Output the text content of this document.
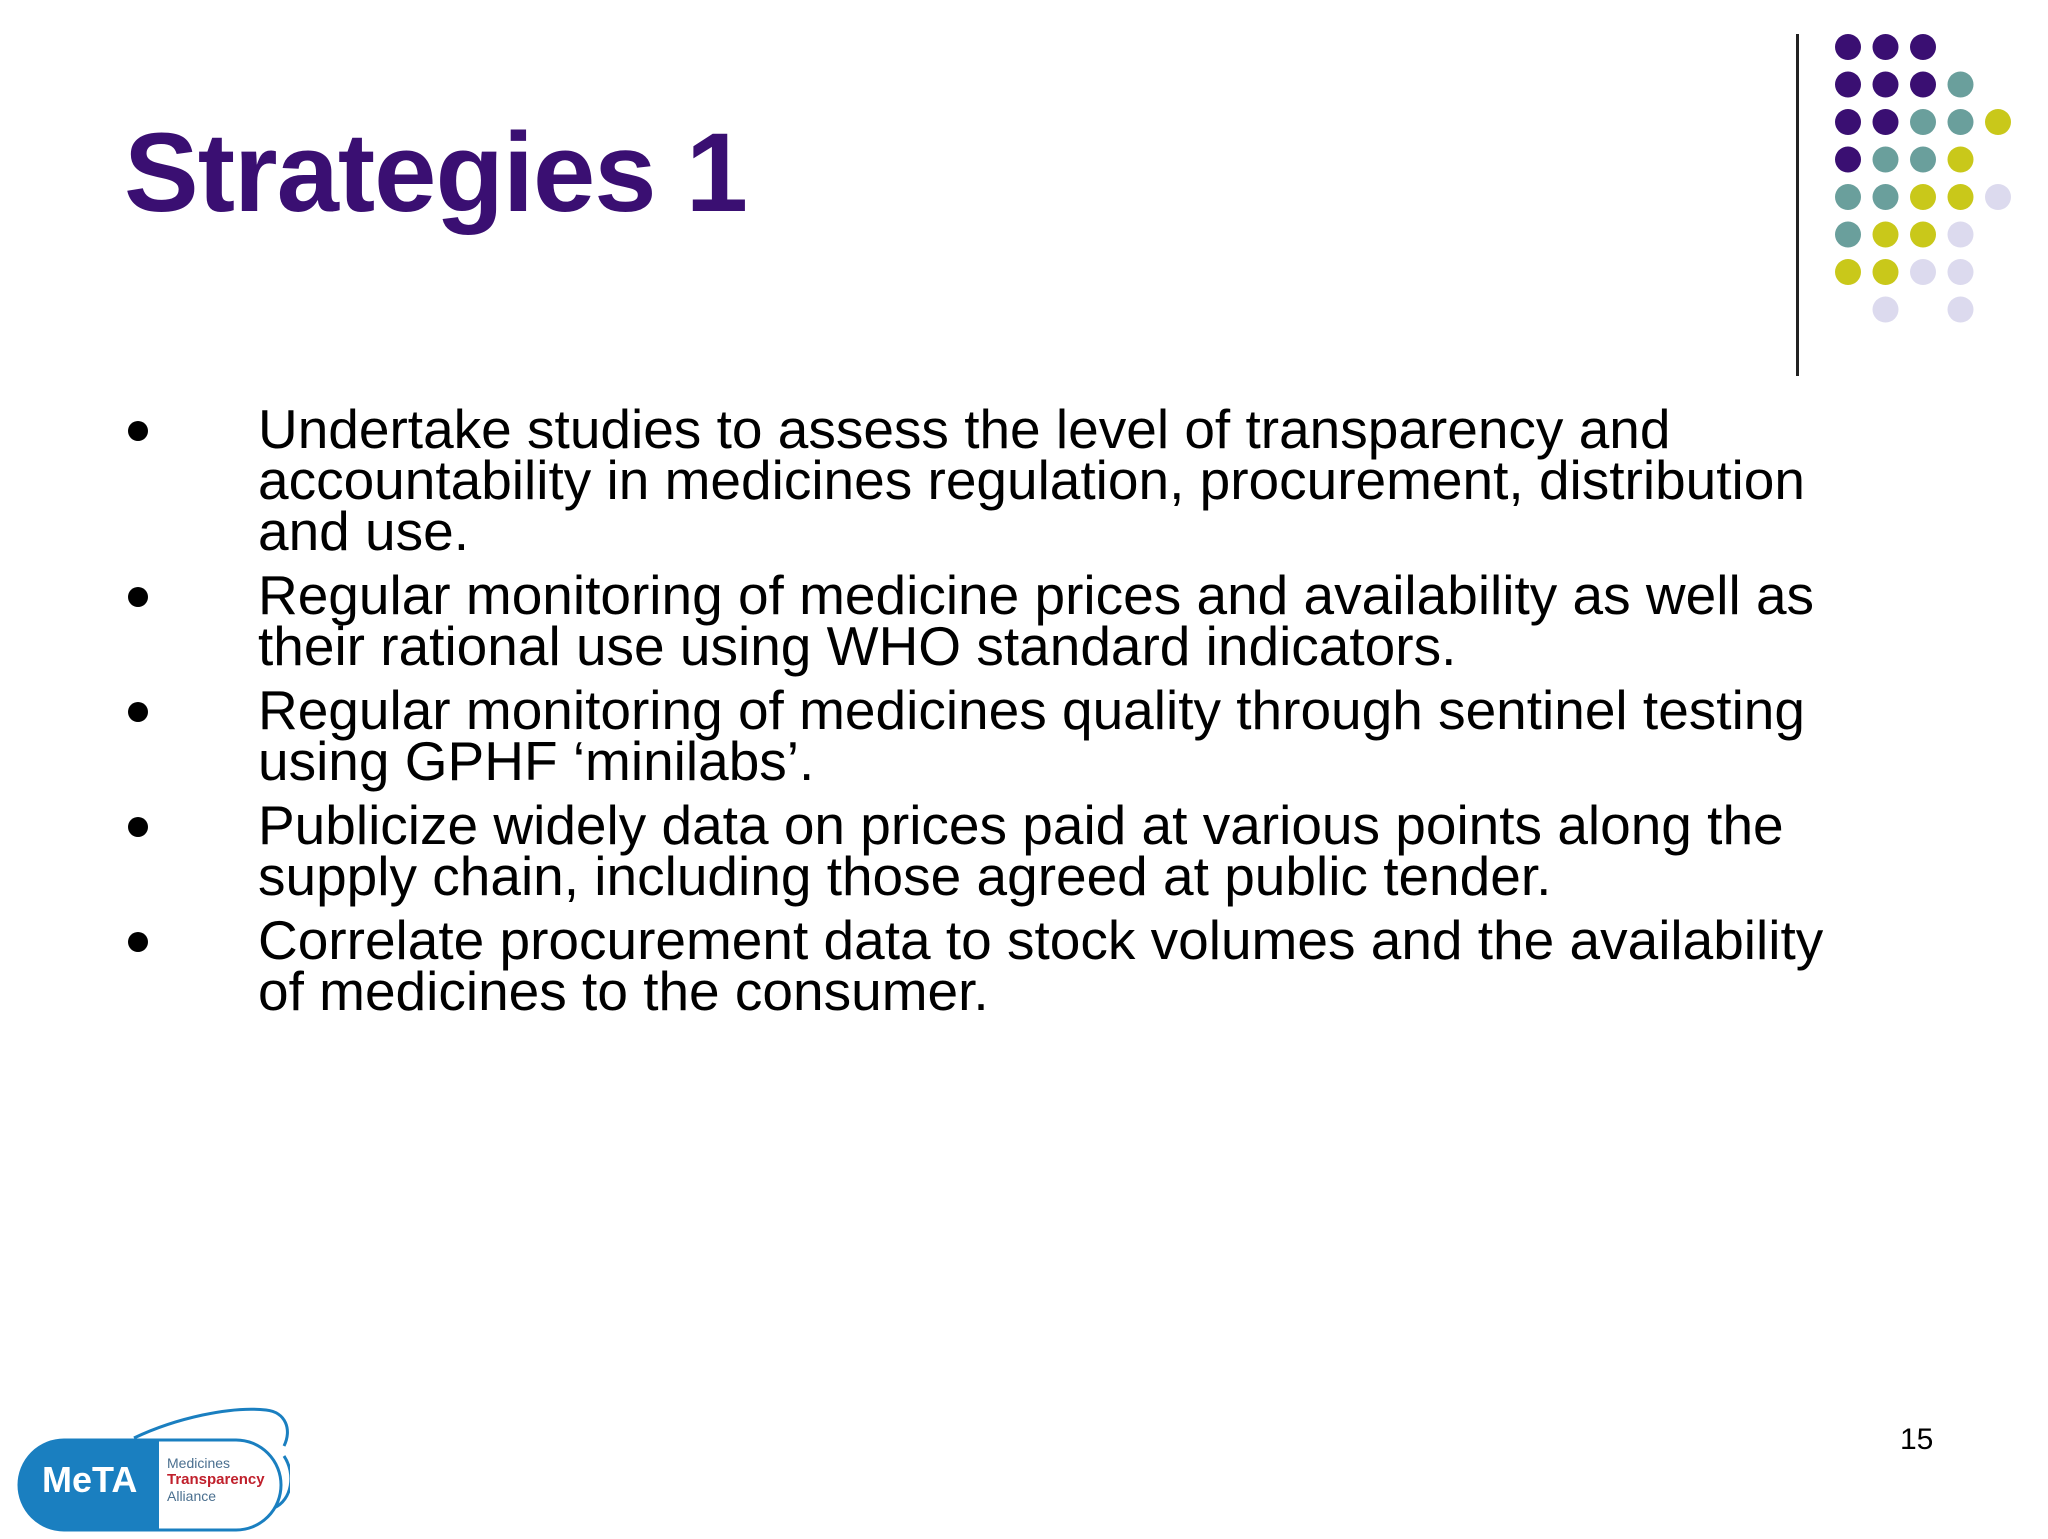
Strategies 1
Undertake studies to assess the level of transparency and
accountability in medicines regulation, procurement, distribution
and use.
Regular monitoring of medicine prices and availability as well as
their rational use using WHO standard indicators.
Regular monitoring of medicines quality through sentinel testing
using GPHF ‘minilabs’.
Publicize widely data on prices paid at various points along the
supply chain, including those agreed at public tender.
Correlate procurement data to stock volumes and the availability
of medicines to the consumer.
15
MeTA Medicines
Transparency
Alliance
